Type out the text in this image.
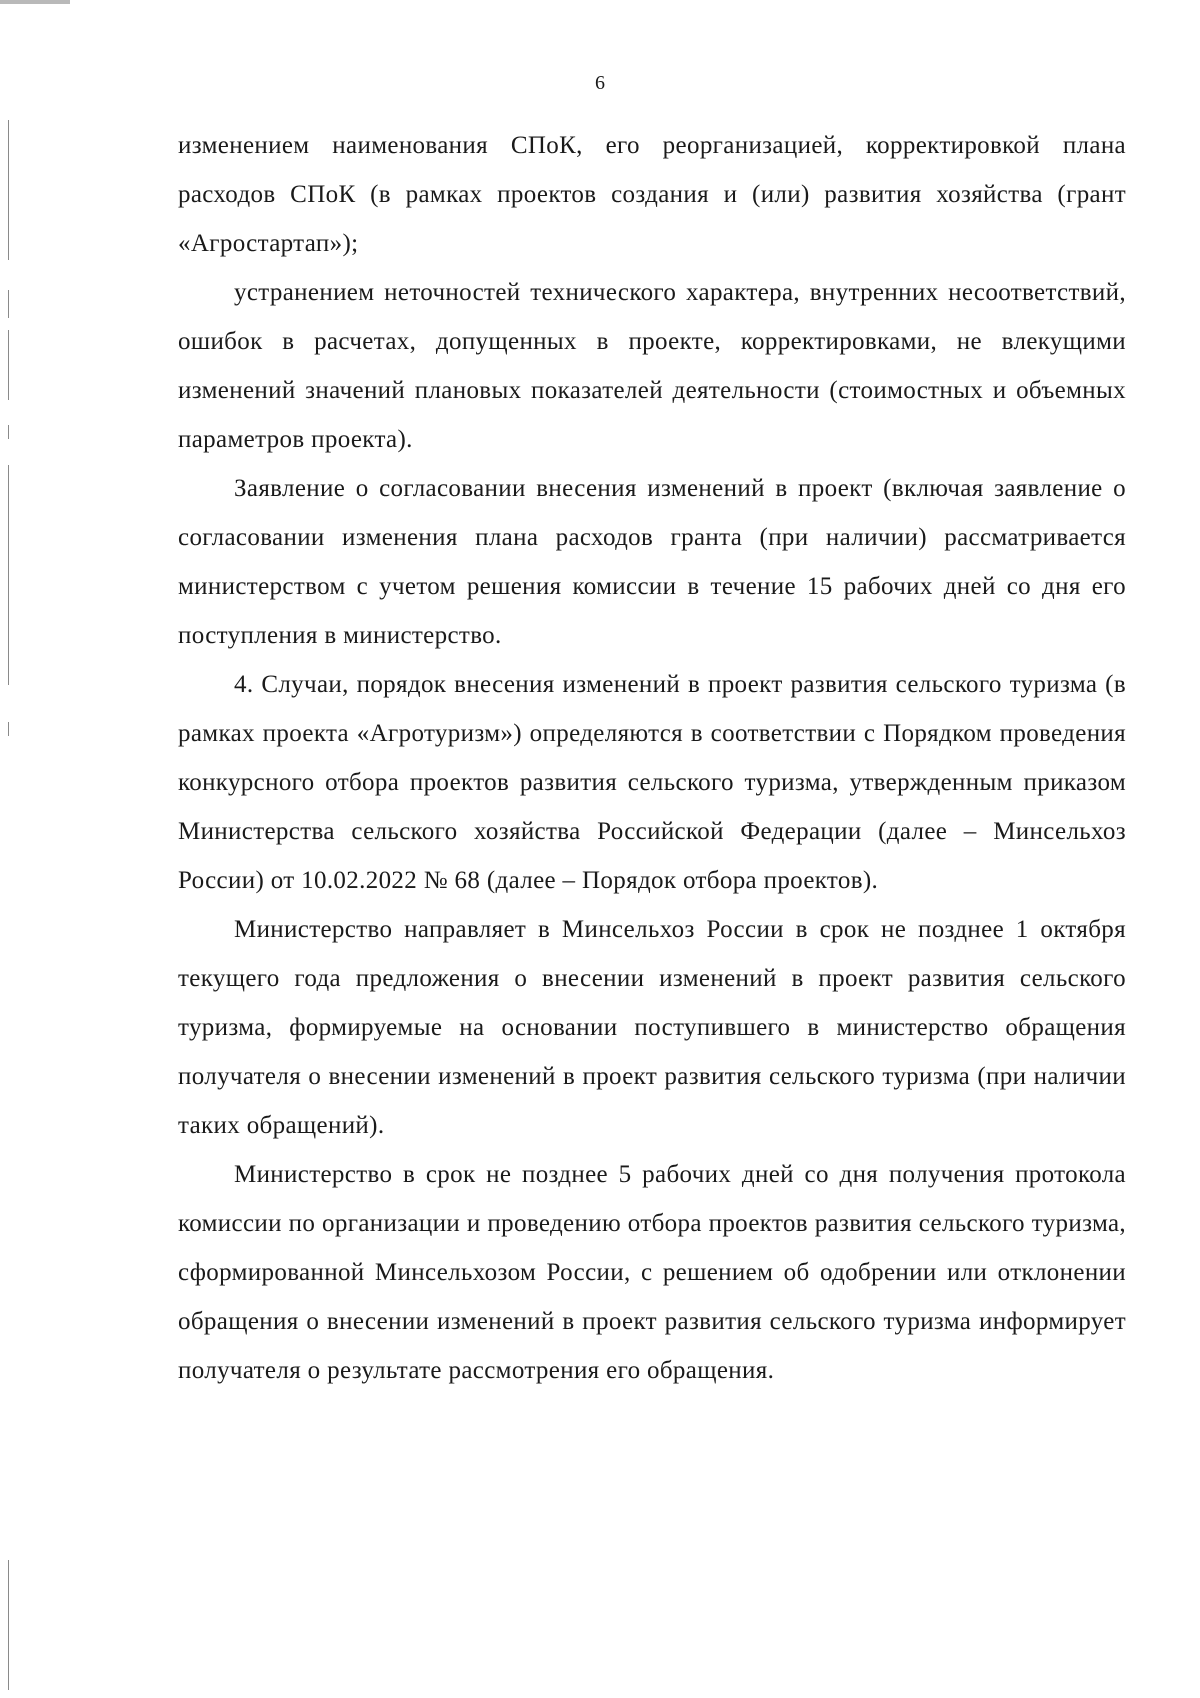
6

изменением наименования СПоК, его реорганизацией, корректировкой плана расходов СПоК (в рамках проектов создания и (или) развития хозяйства (грант «Агростартап»);

устранением неточностей технического характера, внутренних несоответствий, ошибок в расчетах, допущенных в проекте, корректировками, не влекущими изменений значений плановых показателей деятельности (стоимостных и объемных параметров проекта).

Заявление о согласовании внесения изменений в проект (включая заявление о согласовании изменения плана расходов гранта (при наличии) рассматривается министерством с учетом решения комиссии в течение 15 рабочих дней со дня его поступления в министерство.

4. Случаи, порядок внесения изменений в проект развития сельского туризма (в рамках проекта «Агротуризм») определяются в соответствии с Порядком проведения конкурсного отбора проектов развития сельского туризма, утвержденным приказом Министерства сельского хозяйства Российской Федерации (далее – Минсельхоз России) от 10.02.2022 № 68 (далее – Порядок отбора проектов).

Министерство направляет в Минсельхоз России в срок не позднее 1 октября текущего года предложения о внесении изменений в проект развития сельского туризма, формируемые на основании поступившего в министерство обращения получателя о внесении изменений в проект развития сельского туризма (при наличии таких обращений).

Министерство в срок не позднее 5 рабочих дней со дня получения протокола комиссии по организации и проведению отбора проектов развития сельского туризма, сформированной Минсельхозом России, с решением об одобрении или отклонении обращения о внесении изменений в проект развития сельского туризма информирует получателя о результате рассмотрения его обращения.
